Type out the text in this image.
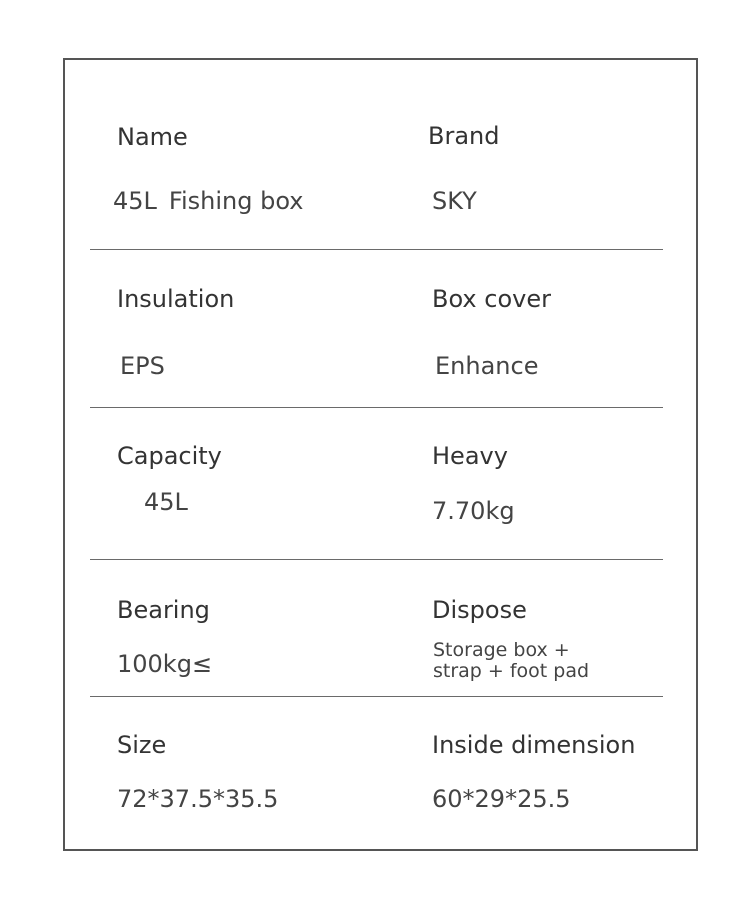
Name
45L Fishing box
Brand
SKY
Insulation
EPS
Box cover
Enhance
Capacity
45L
Heavy
7.70kg
Bearing
100kg≤
Dispose
Storage box +
strap + foot pad
Size
72*37.5*35.5
Inside dimension
60*29*25.5
